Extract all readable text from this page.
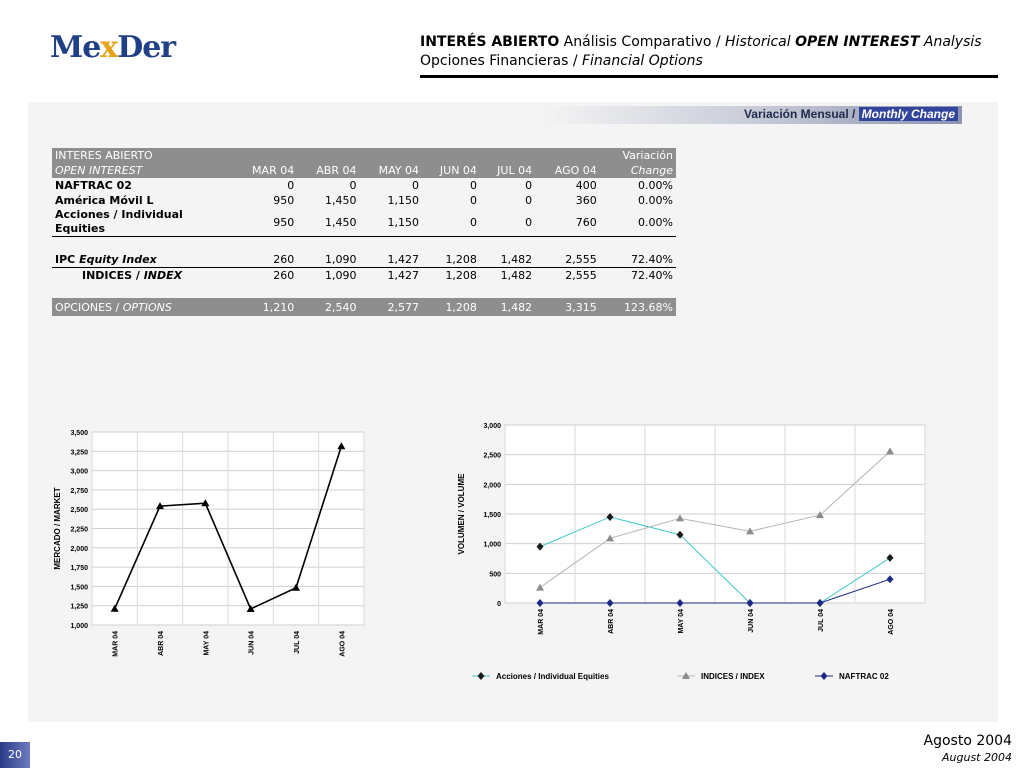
MexDer	INTERÉS ABIERTO Análisis Comparativo / Historical OPEN INTEREST Analysis
Opciones Financieras / Financial Options
Variación Mensual / Monthly Change
INTERES ABIERTO							Variación
OPEN INTEREST	MAR 04	ABR 04	MAY 04	JUN 04	JUL 04	AGO 04	Change
NAFTRAC 02	0	0	0	0	0	400	0.00%
América Móvil L	950	1,450	1,150	0	0	360	0.00%
Acciones / Individual
Equities	950	1,450	1,150	0	0	760	0.00%

IPC Equity Index	260	1,090	1,427	1,208	1,482	2,555	72.40%
INDICES / INDEX	260	1,090	1,427	1,208	1,482	2,555	72.40%

OPCIONES / OPTIONS	1,210	2,540	2,577	1,208	1,482	3,315	123.68%
1,000
1,250
1,500
1,750
2,000
2,250
2,500
2,750
3,000
3,250
3,500
MAR 04	ABR 04	MAY 04	JUN 04	JUL 04	AGO 04
MERCADO / MARKET
0
500
1,000
1,500
2,000
2,500
3,000
MAR 04	ABR 04	MAY 04	JUN 04	JUL 04	AGO 04
VOLUMEN / VOLUME
Acciones / Individual Equities	INDICES / INDEX	NAFTRAC 02
Agosto 2004
August 2004
20
